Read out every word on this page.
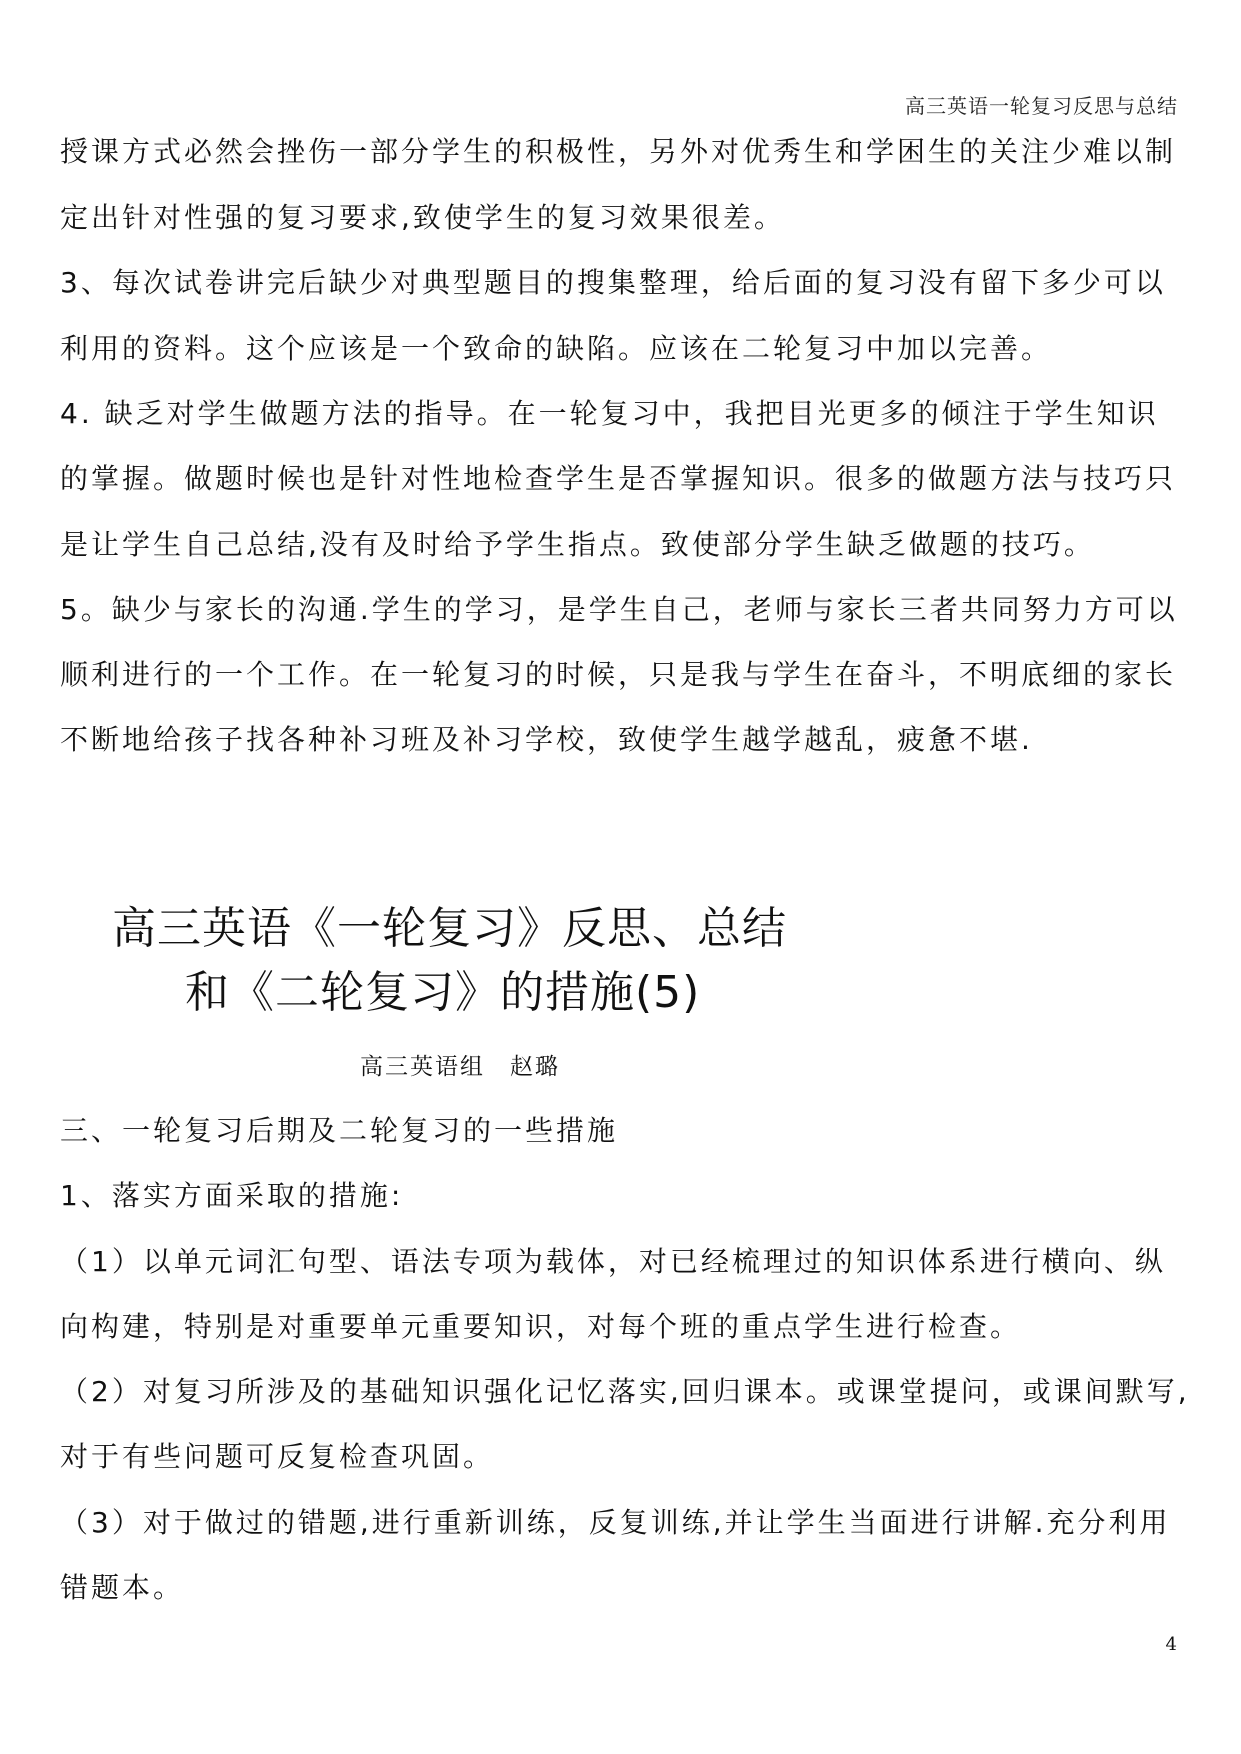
高三英语一轮复习反思与总结
授课方式必然会挫伤一部分学生的积极性，另外对优秀生和学困生的关注少难以制
定出针对性强的复习要求,致使学生的复习效果很差。
3、每次试卷讲完后缺少对典型题目的搜集整理，给后面的复习没有留下多少可以
利用的资料。这个应该是一个致命的缺陷。应该在二轮复习中加以完善。
4. 缺乏对学生做题方法的指导。在一轮复习中，我把目光更多的倾注于学生知识
的掌握。做题时候也是针对性地检查学生是否掌握知识。很多的做题方法与技巧只
是让学生自己总结,没有及时给予学生指点。致使部分学生缺乏做题的技巧。
5。缺少与家长的沟通.学生的学习，是学生自己，老师与家长三者共同努力方可以
顺利进行的一个工作。在一轮复习的时候，只是我与学生在奋斗，不明底细的家长
不断地给孩子找各种补习班及补习学校，致使学生越学越乱，疲惫不堪.
高三英语《一轮复习》反思、总结
和《二轮复习》的措施(5)
高三英语组　赵璐
三、一轮复习后期及二轮复习的一些措施
1、落实方面采取的措施:
（1）以单元词汇句型、语法专项为载体，对已经梳理过的知识体系进行横向、纵
向构建，特别是对重要单元重要知识，对每个班的重点学生进行检查。
（2）对复习所涉及的基础知识强化记忆落实,回归课本。或课堂提问，或课间默写,
对于有些问题可反复检查巩固。
（3）对于做过的错题,进行重新训练，反复训练,并让学生当面进行讲解.充分利用
错题本。
4
